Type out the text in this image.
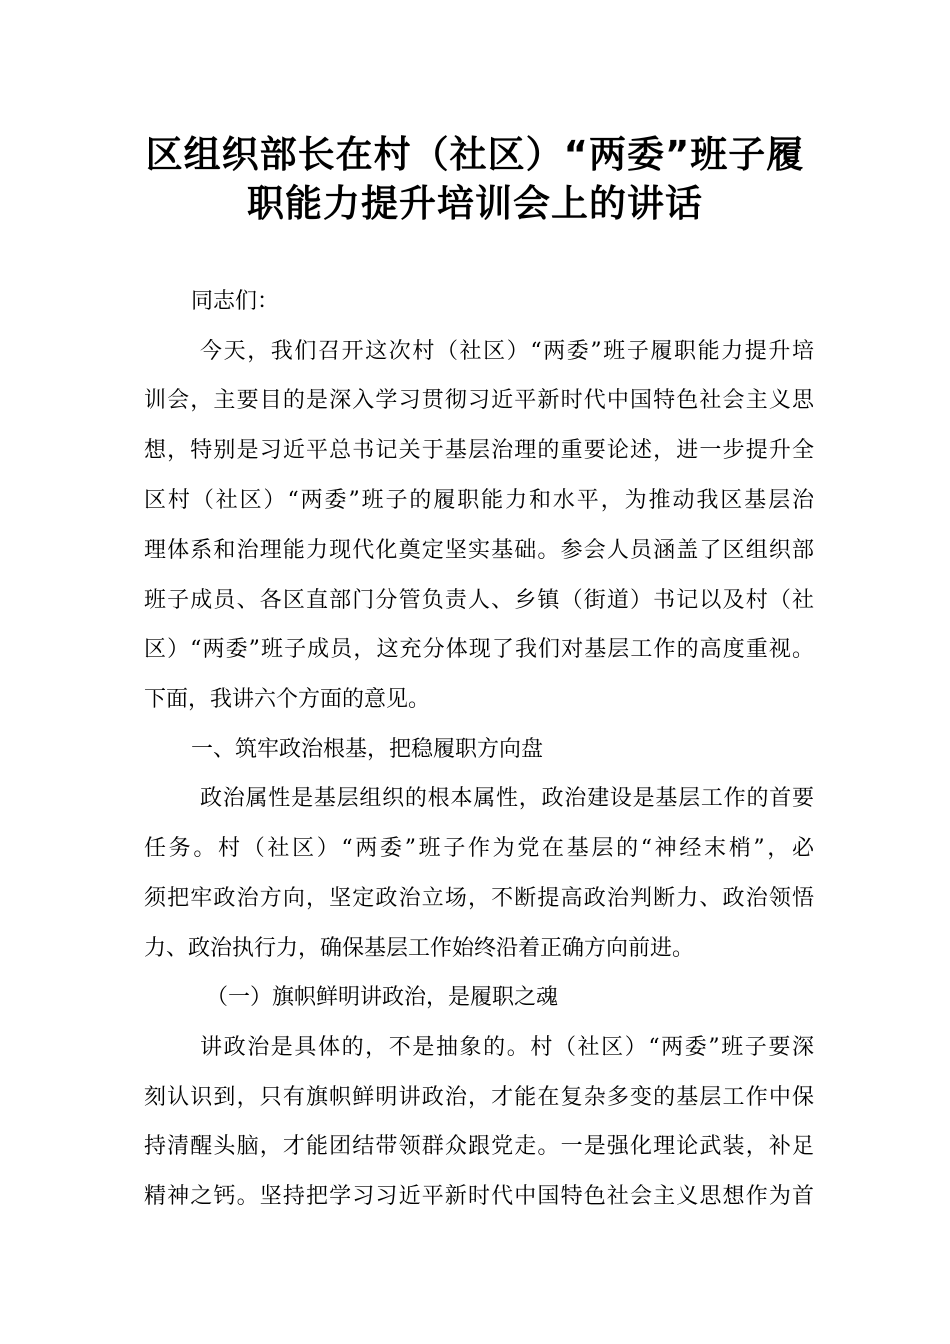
区组织部长在村（社区）“两委”班子履
职能力提升培训会上的讲话
同志们：
今天，我们召开这次村（社区）“两委”班子履职能力提升培
训会，主要目的是深入学习贯彻习近平新时代中国特色社会主义思
想，特别是习近平总书记关于基层治理的重要论述，进一步提升全
区村（社区）“两委”班子的履职能力和水平，为推动我区基层治
理体系和治理能力现代化奠定坚实基础。参会人员涵盖了区组织部
班子成员、各区直部门分管负责人、乡镇（街道）书记以及村（社
区）“两委”班子成员，这充分体现了我们对基层工作的高度重视。
下面，我讲六个方面的意见。
一、筑牢政治根基，把稳履职方向盘
政治属性是基层组织的根本属性，政治建设是基层工作的首要
任务。村（社区）“两委”班子作为党在基层的“神经末梢”，必
须把牢政治方向，坚定政治立场，不断提高政治判断力、政治领悟
力、政治执行力，确保基层工作始终沿着正确方向前进。
（一）旗帜鲜明讲政治，是履职之魂
讲政治是具体的，不是抽象的。村（社区）“两委”班子要深
刻认识到，只有旗帜鲜明讲政治，才能在复杂多变的基层工作中保
持清醒头脑，才能团结带领群众跟党走。一是强化理论武装，补足
精神之钙。坚持把学习习近平新时代中国特色社会主义思想作为首
